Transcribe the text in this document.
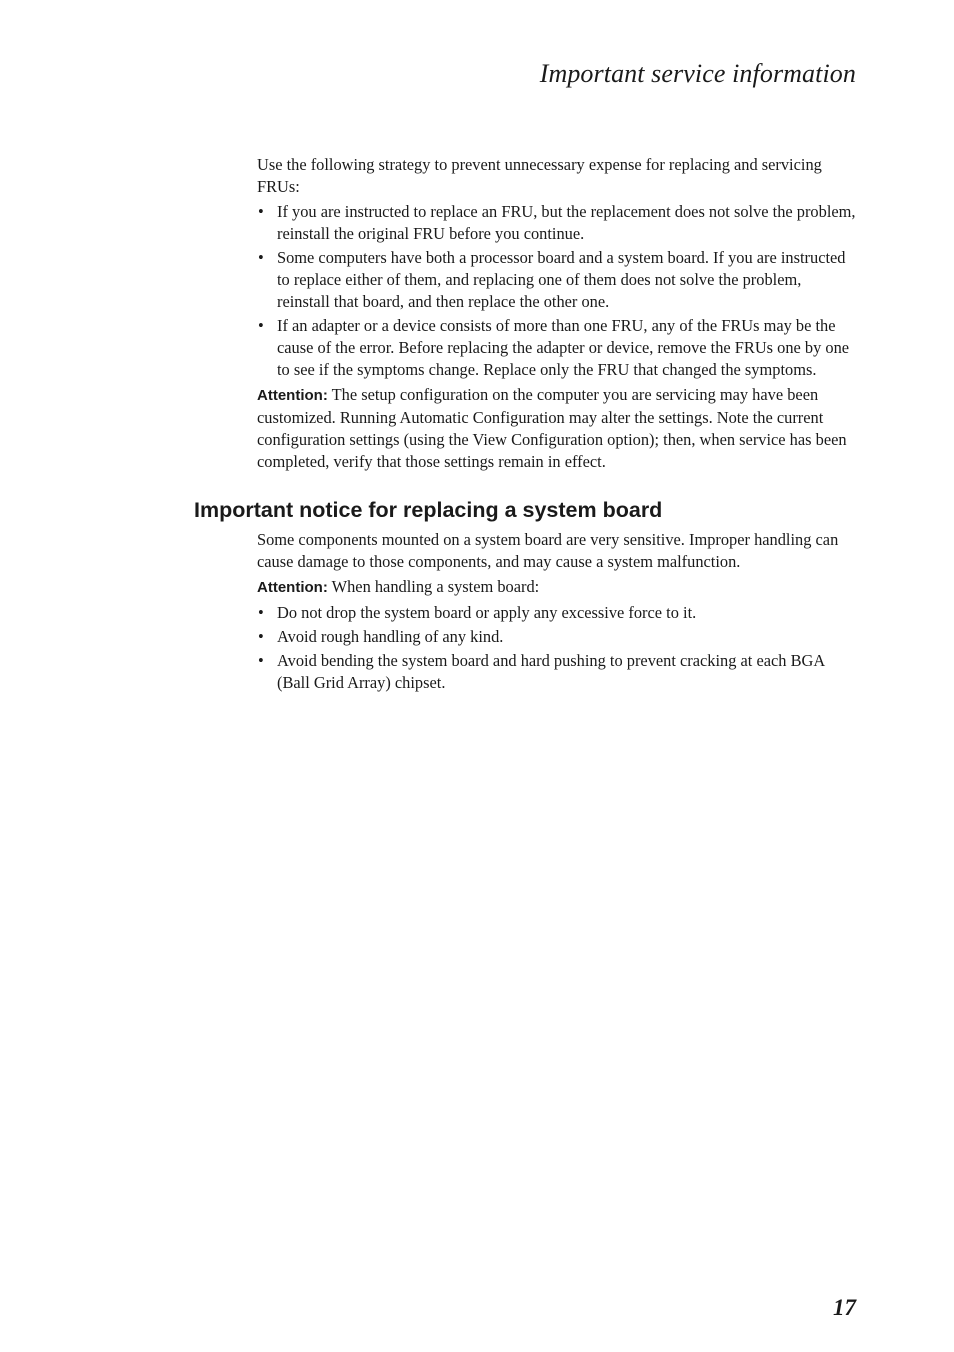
Important service information

Use the following strategy to prevent unnecessary expense for replacing and servicing FRUs:

• If you are instructed to replace an FRU, but the replacement does not solve the problem, reinstall the original FRU before you continue.
• Some computers have both a processor board and a system board. If you are instructed to replace either of them, and replacing one of them does not solve the problem, reinstall that board, and then replace the other one.
• If an adapter or a device consists of more than one FRU, any of the FRUs may be the cause of the error. Before replacing the adapter or device, remove the FRUs one by one to see if the symptoms change. Replace only the FRU that changed the symptoms.

Attention: The setup configuration on the computer you are servicing may have been customized. Running Automatic Configuration may alter the settings. Note the current configuration settings (using the View Configuration option); then, when service has been completed, verify that those settings remain in effect.

Important notice for replacing a system board

Some components mounted on a system board are very sensitive. Improper handling can cause damage to those components, and may cause a system malfunction.

Attention: When handling a system board:

• Do not drop the system board or apply any excessive force to it.
• Avoid rough handling of any kind.
• Avoid bending the system board and hard pushing to prevent cracking at each BGA (Ball Grid Array) chipset.
17
